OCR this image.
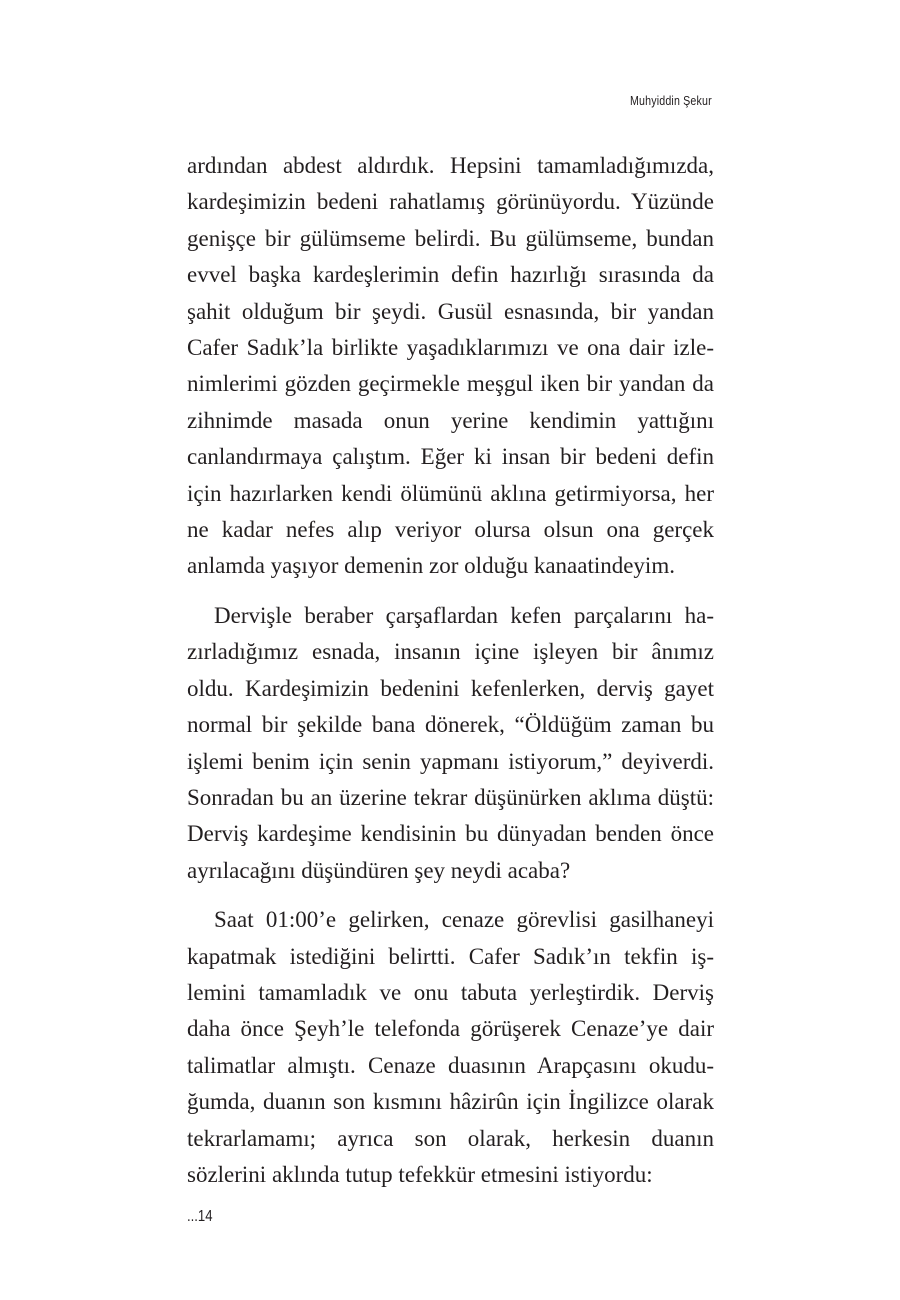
Muhyiddin Şekur

ardından abdest aldırdık. Hepsini tamamladığımızda, kardeşimizin bedeni rahatlamış görünüyordu. Yüzünde genişçe bir gülümseme belirdi. Bu gülümseme, bundan evvel başka kardeşlerimin defin hazırlığı sırasında da şahit olduğum bir şeydi. Gusül esnasında, bir yandan Cafer Sadık’la birlikte yaşadıklarımızı ve ona dair izlenimlerimi gözden geçirmekle meşgul iken bir yandan da zihnimde masada onun yerine kendimin yattığını canlandırmaya çalıştım. Eğer ki insan bir bedeni defin için hazırlarken kendi ölümünü aklına getirmiyorsa, her ne kadar nefes alıp veriyor olursa olsun ona gerçek anlamda yaşıyor demenin zor olduğu kanaatindeyim.

Dervişle beraber çarşaflardan kefen parçalarını hazırladığımız esnada, insanın içine işleyen bir ânımız oldu. Kardeşimizin bedenini kefenlerken, derviş gayet normal bir şekilde bana dönerek, “Öldüğüm zaman bu işlemi benim için senin yapmanı istiyorum,” deyiverdi. Sonradan bu an üzerine tekrar düşünürken aklıma düştü: Derviş kardeşime kendisinin bu dünyadan benden önce ayrılacağını düşündüren şey neydi acaba?

Saat 01:00’e gelirken, cenaze görevlisi gasilhaneyi kapatmak istediğini belirtti. Cafer Sadık’ın tekfin işlemini tamamladık ve onu tabuta yerleştirdik. Derviş daha önce Şeyh’le telefonda görüşerek Cenaze’ye dair talimatlar almıştı. Cenaze duasının Arapçasını okuduğumda, duanın son kısmını hâzirûn için İngilizce olarak tekrarlamamı; ayrıca son olarak, herkesin duanın sözlerini aklında tutup tefekkür etmesini istiyordu:

...14
